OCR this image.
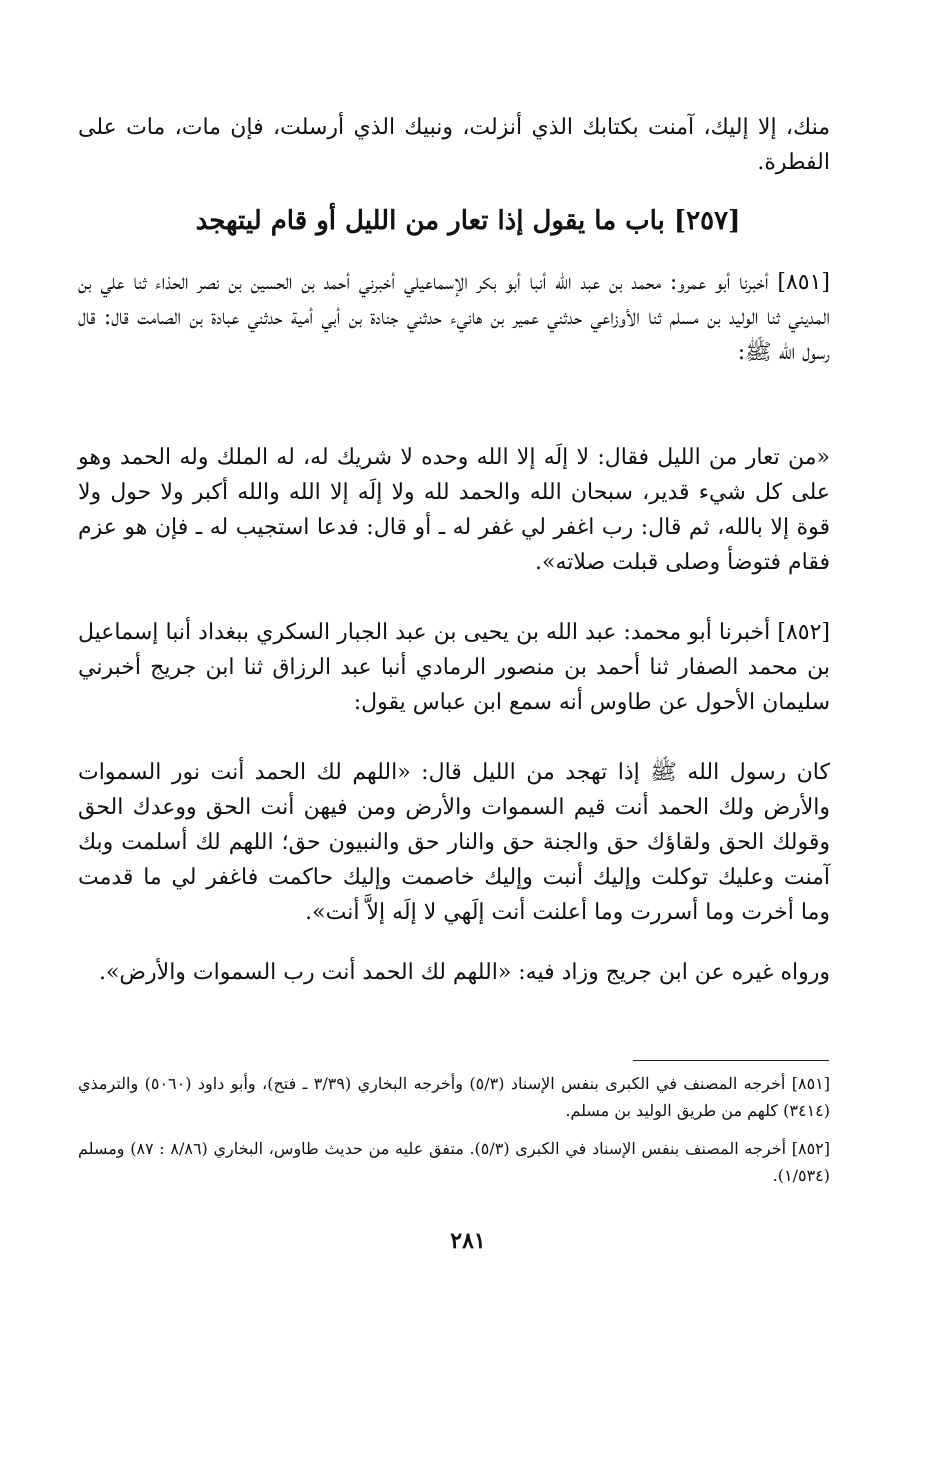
منك، إلا إليك، آمنت بكتابك الذي أنزلت، ونبيك الذي أرسلت، فإن مات، مات على الفطرة.

[٢٥٧] باب ما يقول إذا تعار من الليل أو قام ليتهجد

[٨٥١] أخبرنا أبو عمرو: محمد بن عبد الله أنبا أبو بكر الإسماعيلي أخبرني أحمد بن الحسين بن نصر الحذاء ثنا علي بن المديني ثنا الوليد بن مسلم ثنا الأوزاعي حدثني عمير بن هانيء حدثني جنادة بن أبي أمية حدثني عبادة بن الصامت قال: قال رسول الله ﷺ:

«من تعار من الليل فقال: لا إلَه إلا الله وحده لا شريك له، له الملك وله الحمد وهو على كل شيء قدير، سبحان الله والحمد لله ولا إلَه إلا الله والله أكبر ولا حول ولا قوة إلا بالله، ثم قال: رب اغفر لي غفر له ـ أو قال: فدعا استجيب له ـ فإن هو عزم فقام فتوضأ وصلى قبلت صلاته».

[٨٥٢] أخبرنا أبو محمد: عبد الله بن يحيى بن عبد الجبار السكري ببغداد أنبا إسماعيل بن محمد الصفار ثنا أحمد بن منصور الرمادي أنبا عبد الرزاق ثنا ابن جريج أخبرني سليمان الأحول عن طاوس أنه سمع ابن عباس يقول:

كان رسول الله ﷺ إذا تهجد من الليل قال: «اللهم لك الحمد أنت نور السموات والأرض ولك الحمد أنت قيم السموات والأرض ومن فيهن أنت الحق ووعدك الحق وقولك الحق ولقاؤك حق والجنة حق والنار حق والنبيون حق؛ اللهم لك أسلمت وبك آمنت وعليك توكلت وإليك أنبت وإليك خاصمت وإليك حاكمت فاغفر لي ما قدمت وما أخرت وما أسررت وما أعلنت أنت إلَهي لا إلَه إلاَّ أنت».

ورواه غيره عن ابن جريج وزاد فيه: «اللهم لك الحمد أنت رب السموات والأرض».

[٨٥١] أخرجه المصنف في الكبرى بنفس الإسناد (٥/٣) وأخرجه البخاري (٣/٣٩ ـ فتح)، وأبو داود (٥٠٦٠) والترمذي (٣٤١٤) كلهم من طريق الوليد بن مسلم.

[٨٥٢] أخرجه المصنف بنفس الإسناد في الكبرى (٥/٣). متفق عليه من حديث طاوس، البخاري (٨/٨٦ : ٨٧) ومسلم (١/٥٣٤).

٢٨١
